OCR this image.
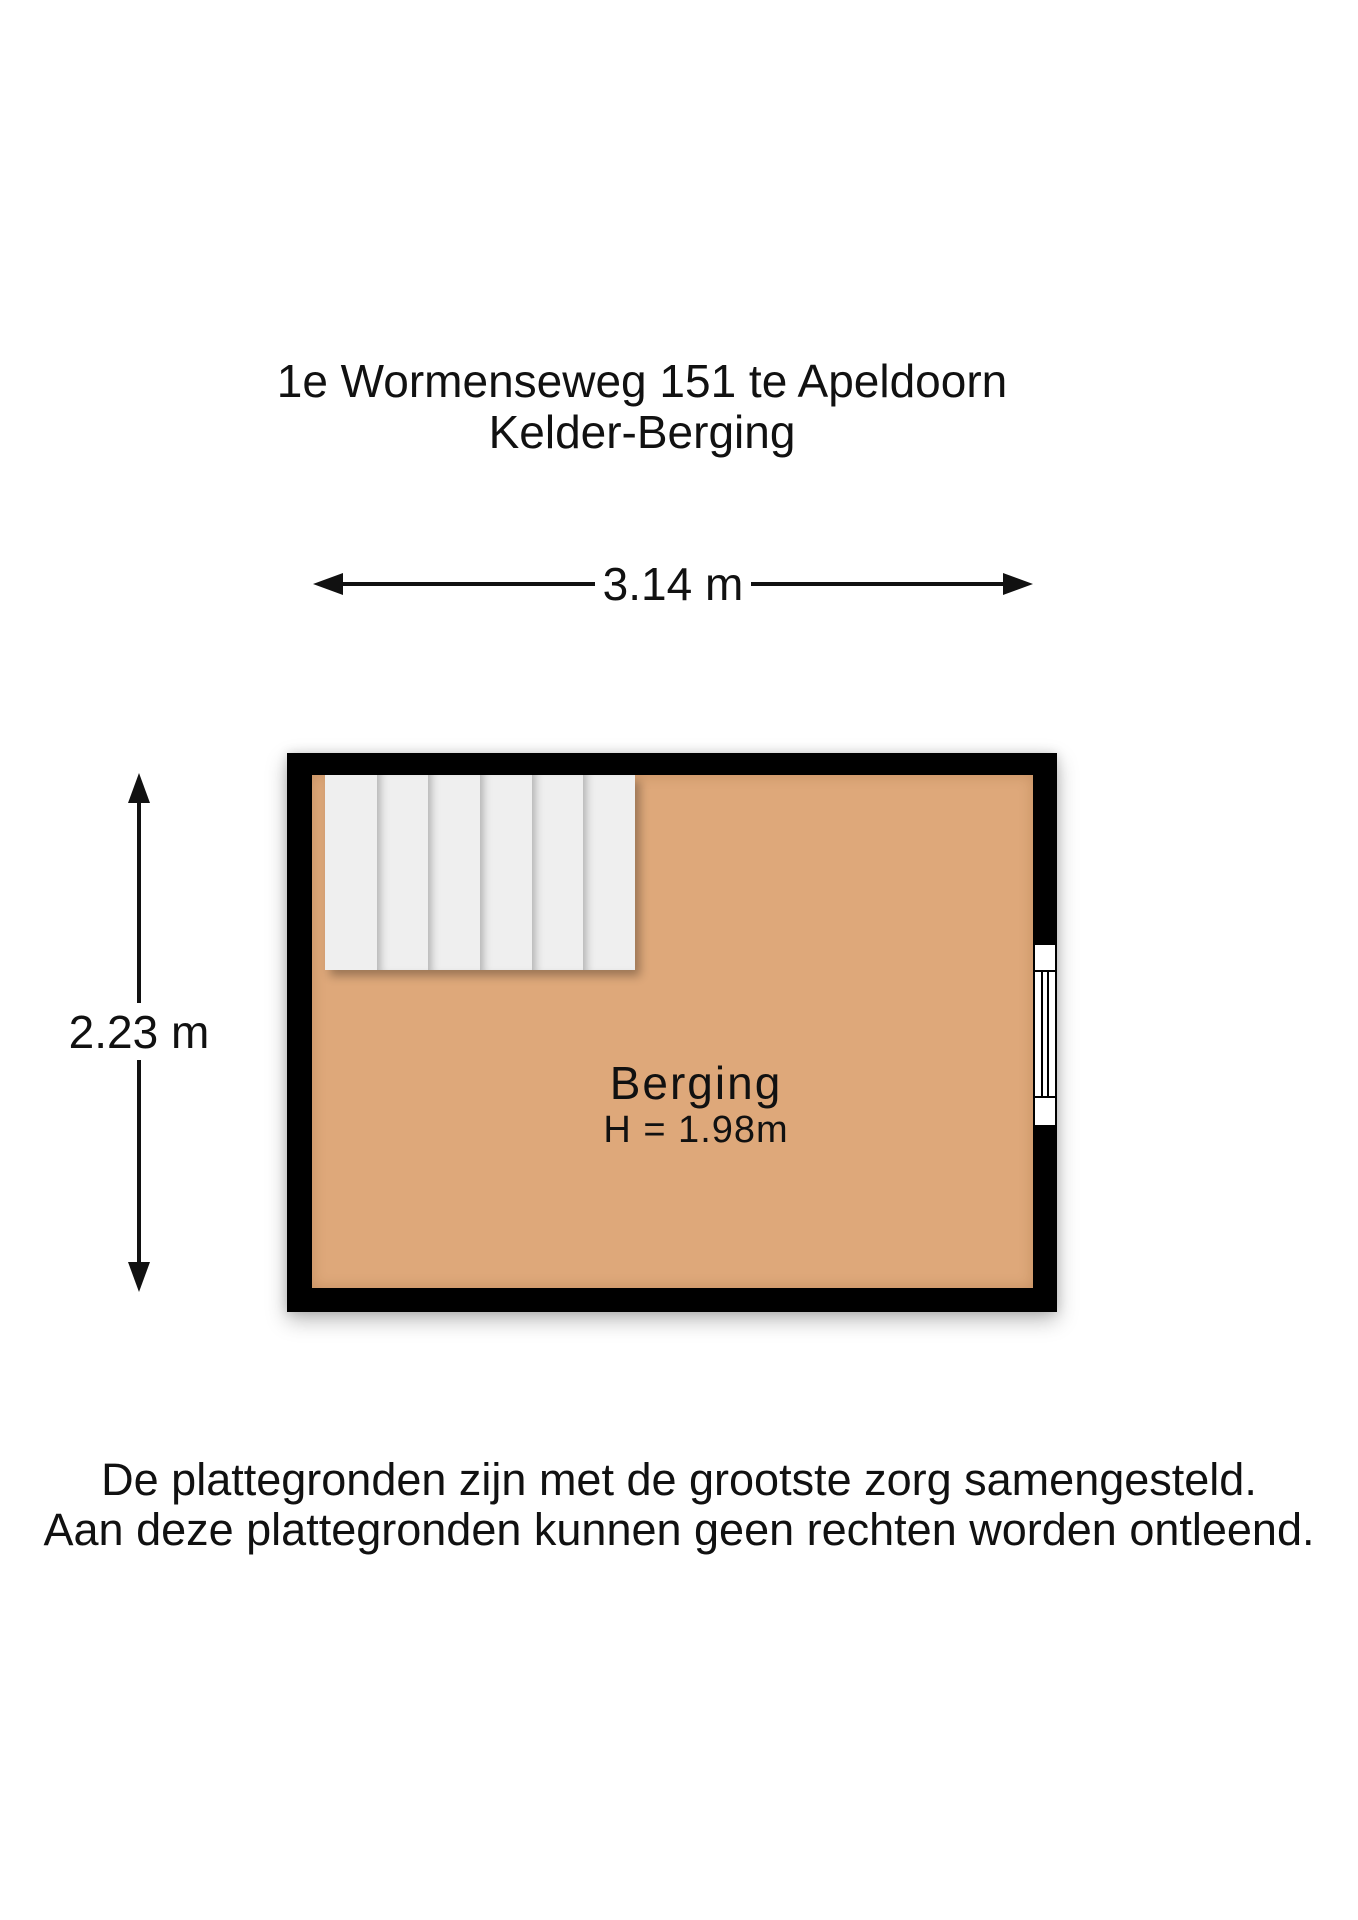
1e Wormenseweg 151 te Apeldoorn
Kelder-Berging
3.14 m
2.23 m
Berging
H = 1.98m
De plattegronden zijn met de grootste zorg samengesteld.
Aan deze plattegronden kunnen geen rechten worden ontleend.
